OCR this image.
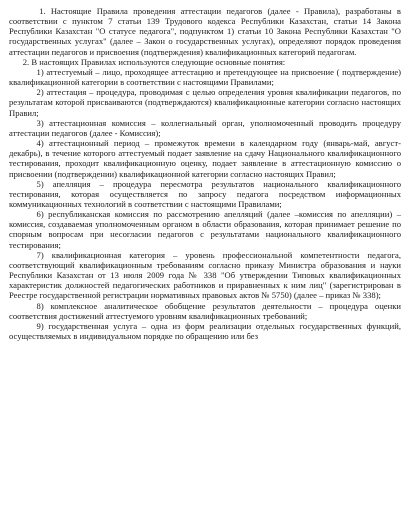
1. Настоящие Правила проведения аттестации педагогов (далее - Правила), разработаны в соответствии с пунктом 7 статьи 139 Трудового кодекса Республики Казахстан, статьи 14 Закона Республики Казахстан "О статусе педагога", подпунктом 1) статьи 10 Закона Республики Казахстан "О государственных услугах" (далее – Закон о государственных услугах), определяют порядок проведения аттестации педагогов и присвоения (подтверждения) квалификационных категорий педагогам.

2. В настоящих Правилах используются следующие основные понятия:

1) аттестуемый – лицо, проходящее аттестацию и претендующее на присвоение ( подтверждение) квалификационной категории в соответствии с настоящими Правилами;

2) аттестация – процедура, проводимая с целью определения уровня квалификации педагогов, по результатам которой присваиваются (подтверждаются) квалификационные категории согласно настоящих Правил;

3) аттестационная комиссия – коллегиальный орган, уполномоченный проводить процедуру аттестации педагогов (далее - Комиссия);

4) аттестационный период – промежуток времени в календарном году (январь-май, август-декабрь), в течение которого аттестуемый подает заявление на сдачу Национального квалификационного тестирования, проходит квалификационную оценку, подает заявление в аттестационную комиссию о присвоении (подтверждении) квалификационной категории согласно настоящих Правил;

5) апелляция – процедура пересмотра результатов национального квалификационного тестирования, которая осуществляется по запросу педагога посредством информационных коммуникационных технологий в соответствии с настоящими Правилами;

6) республиканская комиссия по рассмотрению апелляций (далее –комиссия по апелляции) – комиссия, создаваемая уполномоченным органом в области образования, которая принимает решение по спорным вопросам при несогласии педагогов с результатами национального квалификационного тестирования;

7) квалификационная категория – уровень профессиональной компетентности педагога, соответствующий квалификационным требованиям согласно приказу Министра образования и науки Республики Казахстан от 13 июля 2009 года № 338 "Об утверждении Типовых квалификационных характеристик должностей педагогических работников и приравненных к ним лиц" (зарегистрирован в Реестре государственной регистрации нормативных правовых актов № 5750) (далее – приказ № 338);

8) комплексное аналитическое обобщение результатов деятельности – процедура оценки соответствия достижений аттестуемого уровням квалификационных требований;

9) государственная услуга – одна из форм реализации отдельных государственных функций, осуществляемых в индивидуальном порядке по обращению или без
